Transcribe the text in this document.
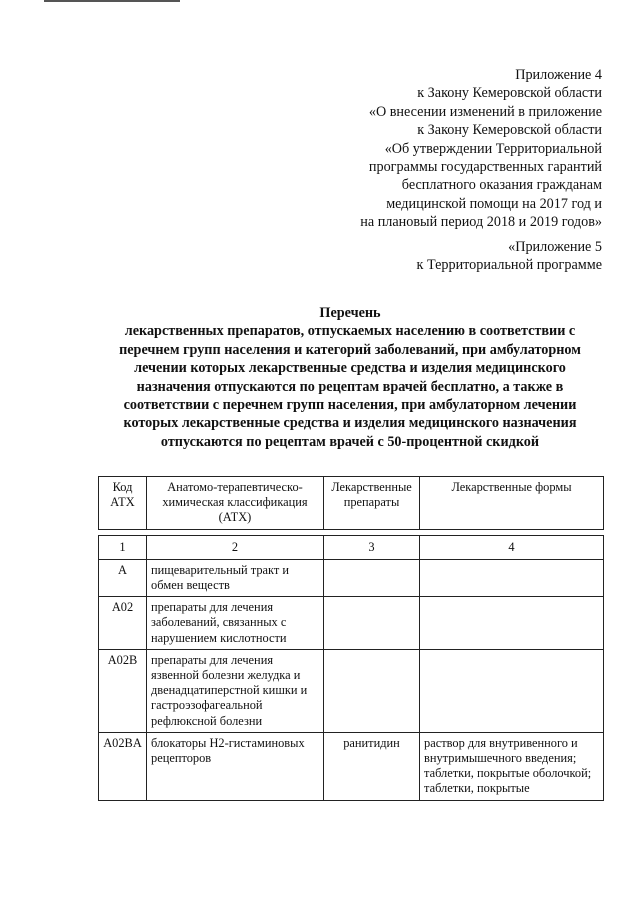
Приложение 4
к Закону Кемеровской области
«О внесении изменений в приложение
к Закону Кемеровской области
«Об утверждении Территориальной
программы государственных гарантий
бесплатного оказания гражданам
медицинской помощи на 2017 год и
на плановый период 2018 и 2019 годов»
«Приложение 5
к Территориальной программе
Перечень
лекарственных препаратов, отпускаемых населению в соответствии с
перечнем групп населения и категорий заболеваний, при амбулаторном
лечении которых лекарственные средства и изделия медицинского
назначения отпускаются по рецептам врачей бесплатно, а также в
соответствии с перечнем групп населения, при амбулаторном лечении
которых лекарственные средства и изделия медицинского назначения
отпускаются по рецептам врачей с 50-процентной скидкой
Код АТХ	Анатомо-терапевтическо-химическая классификация (АТХ)	Лекарственные препараты	Лекарственные формы

1	2	3	4
A	пищеварительный тракт и обмен веществ		
A02	препараты для лечения заболеваний, связанных с нарушением кислотности		
A02B	препараты для лечения язвенной болезни желудка и двенадцатиперстной кишки и гастроэзофагеальной рефлюксной болезни		
A02BA	блокаторы H2-гистаминовых рецепторов	ранитидин	раствор для внутривенного и внутримышечного введения;
таблетки, покрытые оболочкой;
таблетки, покрытые
